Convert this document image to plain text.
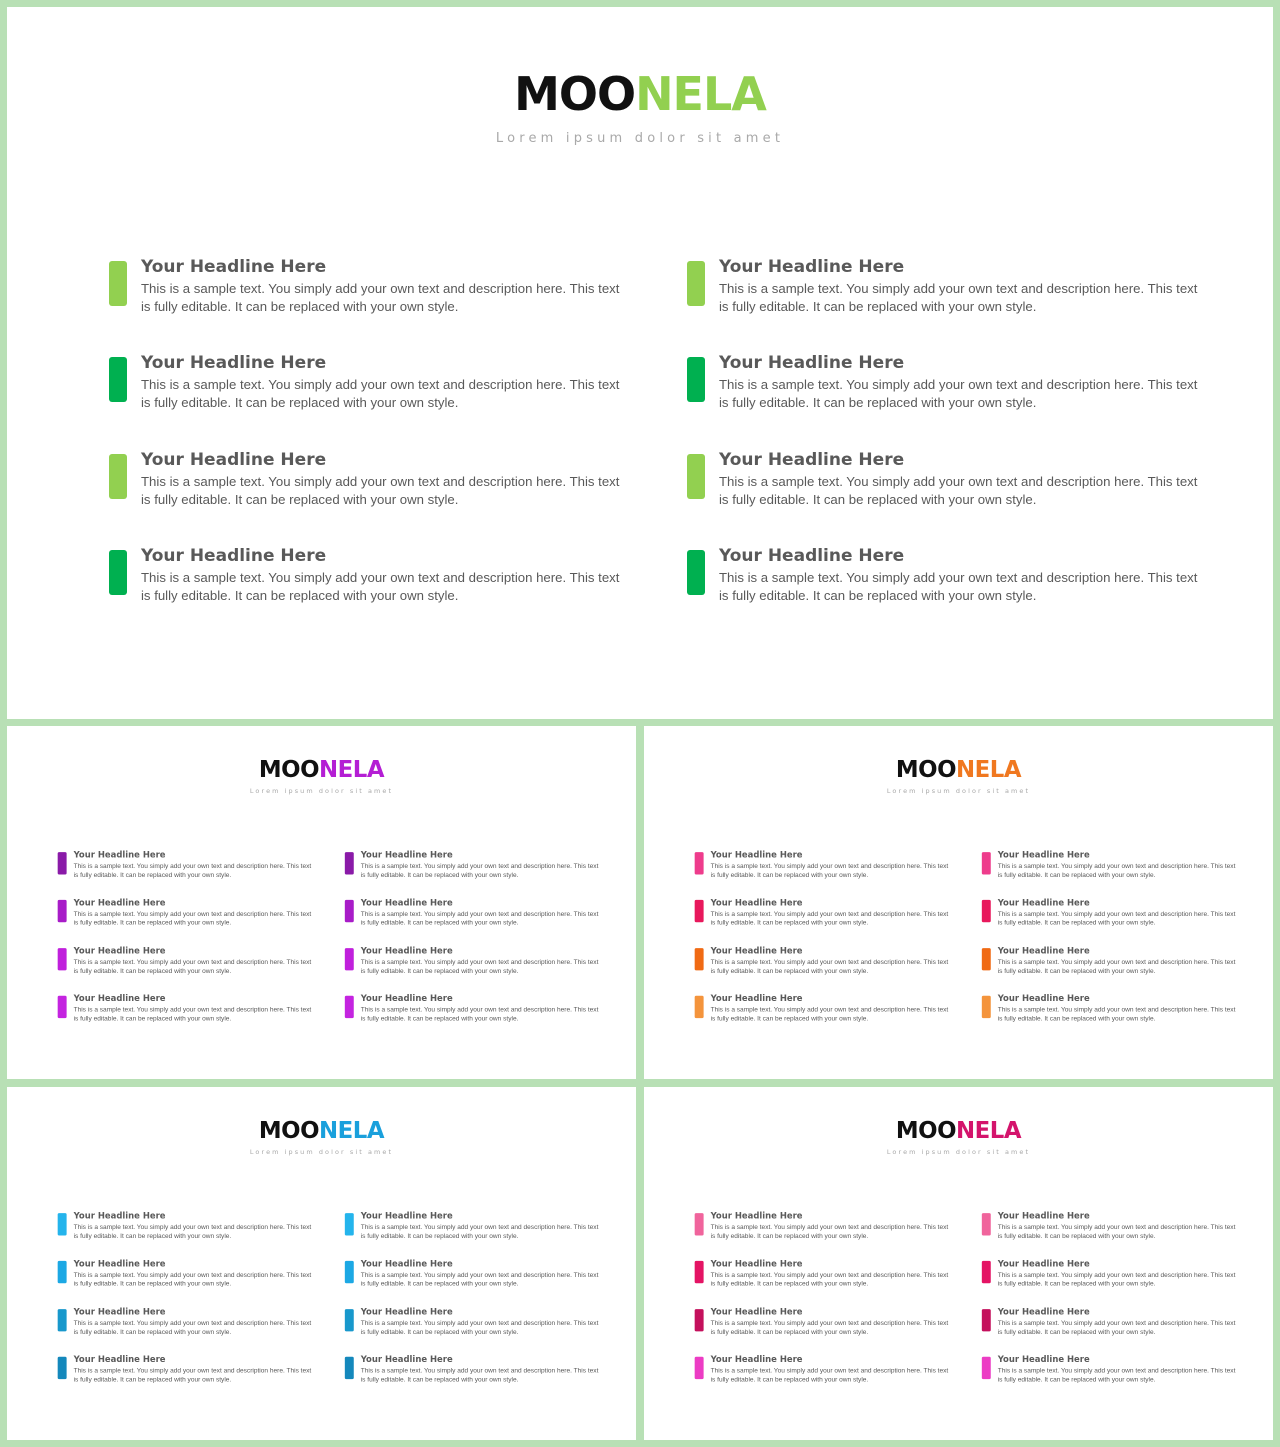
MOONELA

Lorem ipsum dolor sit amet

Your Headline Here

This is a sample text. You simply add your own text and description here. This text is fully editable. It can be replaced with your own style.

Your Headline Here

This is a sample text. You simply add your own text and description here. This text is fully editable. It can be replaced with your own style.

Your Headline Here

This is a sample text. You simply add your own text and description here. This text is fully editable. It can be replaced with your own style.

Your Headline Here

This is a sample text. You simply add your own text and description here. This text is fully editable. It can be replaced with your own style.

Your Headline Here

This is a sample text. You simply add your own text and description here. This text is fully editable. It can be replaced with your own style.

Your Headline Here

This is a sample text. You simply add your own text and description here. This text is fully editable. It can be replaced with your own style.

Your Headline Here

This is a sample text. You simply add your own text and description here. This text is fully editable. It can be replaced with your own style.

Your Headline Here

This is a sample text. You simply add your own text and description here. This text is fully editable. It can be replaced with your own style.

MOONELA

Lorem ipsum dolor sit amet

Your Headline Here

This is a sample text. You simply add your own text and description here. This text is fully editable. It can be replaced with your own style.

Your Headline Here

This is a sample text. You simply add your own text and description here. This text is fully editable. It can be replaced with your own style.

Your Headline Here

This is a sample text. You simply add your own text and description here. This text is fully editable. It can be replaced with your own style.

Your Headline Here

This is a sample text. You simply add your own text and description here. This text is fully editable. It can be replaced with your own style.

Your Headline Here

This is a sample text. You simply add your own text and description here. This text is fully editable. It can be replaced with your own style.

Your Headline Here

This is a sample text. You simply add your own text and description here. This text is fully editable. It can be replaced with your own style.

Your Headline Here

This is a sample text. You simply add your own text and description here. This text is fully editable. It can be replaced with your own style.

Your Headline Here

This is a sample text. You simply add your own text and description here. This text is fully editable. It can be replaced with your own style.

MOONELA

Lorem ipsum dolor sit amet

Your Headline Here

This is a sample text. You simply add your own text and description here. This text is fully editable. It can be replaced with your own style.

Your Headline Here

This is a sample text. You simply add your own text and description here. This text is fully editable. It can be replaced with your own style.

Your Headline Here

This is a sample text. You simply add your own text and description here. This text is fully editable. It can be replaced with your own style.

Your Headline Here

This is a sample text. You simply add your own text and description here. This text is fully editable. It can be replaced with your own style.

Your Headline Here

This is a sample text. You simply add your own text and description here. This text is fully editable. It can be replaced with your own style.

Your Headline Here

This is a sample text. You simply add your own text and description here. This text is fully editable. It can be replaced with your own style.

Your Headline Here

This is a sample text. You simply add your own text and description here. This text is fully editable. It can be replaced with your own style.

Your Headline Here

This is a sample text. You simply add your own text and description here. This text is fully editable. It can be replaced with your own style.

MOONELA

Lorem ipsum dolor sit amet

Your Headline Here

This is a sample text. You simply add your own text and description here. This text is fully editable. It can be replaced with your own style.

Your Headline Here

This is a sample text. You simply add your own text and description here. This text is fully editable. It can be replaced with your own style.

Your Headline Here

This is a sample text. You simply add your own text and description here. This text is fully editable. It can be replaced with your own style.

Your Headline Here

This is a sample text. You simply add your own text and description here. This text is fully editable. It can be replaced with your own style.

Your Headline Here

This is a sample text. You simply add your own text and description here. This text is fully editable. It can be replaced with your own style.

Your Headline Here

This is a sample text. You simply add your own text and description here. This text is fully editable. It can be replaced with your own style.

Your Headline Here

This is a sample text. You simply add your own text and description here. This text is fully editable. It can be replaced with your own style.

Your Headline Here

This is a sample text. You simply add your own text and description here. This text is fully editable. It can be replaced with your own style.

MOONELA

Lorem ipsum dolor sit amet

Your Headline Here

This is a sample text. You simply add your own text and description here. This text is fully editable. It can be replaced with your own style.

Your Headline Here

This is a sample text. You simply add your own text and description here. This text is fully editable. It can be replaced with your own style.

Your Headline Here

This is a sample text. You simply add your own text and description here. This text is fully editable. It can be replaced with your own style.

Your Headline Here

This is a sample text. You simply add your own text and description here. This text is fully editable. It can be replaced with your own style.

Your Headline Here

This is a sample text. You simply add your own text and description here. This text is fully editable. It can be replaced with your own style.

Your Headline Here

This is a sample text. You simply add your own text and description here. This text is fully editable. It can be replaced with your own style.

Your Headline Here

This is a sample text. You simply add your own text and description here. This text is fully editable. It can be replaced with your own style.

Your Headline Here

This is a sample text. You simply add your own text and description here. This text is fully editable. It can be replaced with your own style.
